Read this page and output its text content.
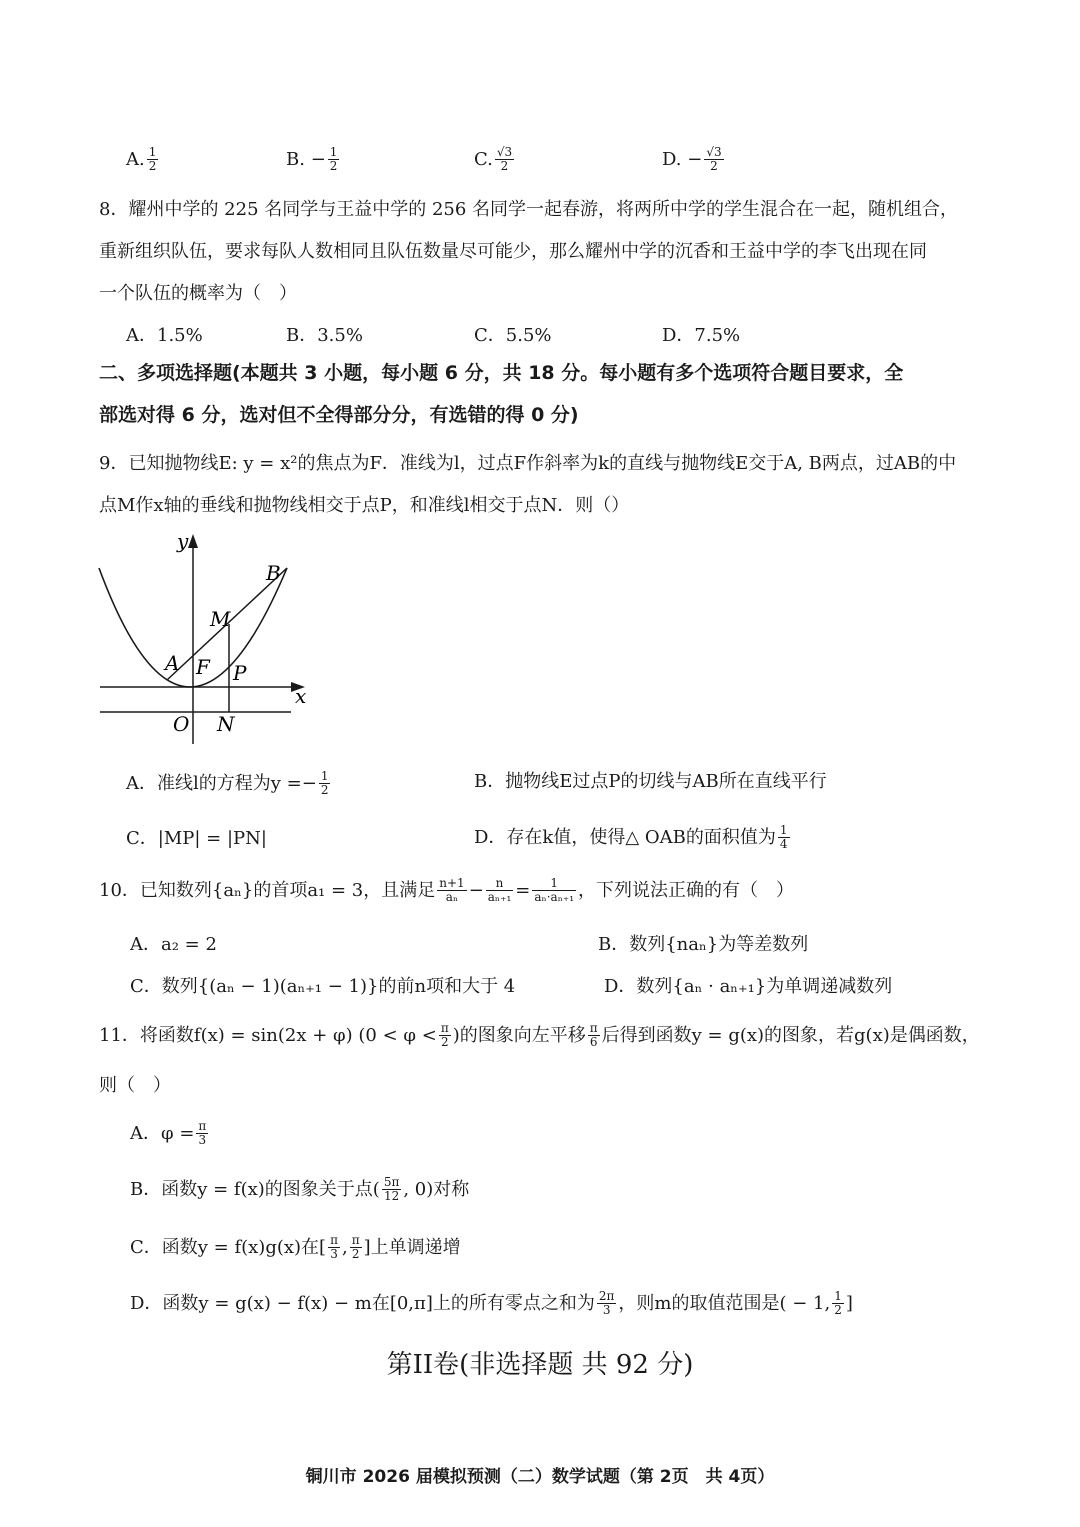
A. $\frac{1}{2}$	B.
− $\frac{1}{2}$	C. $\frac{√3}{2}$	D.
− $\frac{√3}{2}$
8．耀州中学的 225 名同学与王益中学的 256 名同学一起春游，将两所中学的学生混合在一起，随机组合，
重新组织队伍，要求每队人数相同且队伍数量尽可能少，那么耀州中学的沉香和王益中学的李飞出现在同
一个队伍的概率为（　）
A．1.5%	B．3.5%	C．5.5%	D．7.5%
二、多项选择题(本题共 3 小题，每小题 6 分，共 18 分。每小题有多个选项符合题目要求，全
部选对得 6 分，选对但不全得部分分，有选错的得 0 分)
9．已知抛物线E: y = x²的焦点为F．准线为l，过点F作斜率为k的直线与抛物线E交于A, B两点，过AB的中
点M作x轴的垂线和抛物线相交于点P，和准线l相交于点N．则（）
y
x
O
A
B
M
F P
N
A．准线l的方程为$y =- \frac{1}{2}$	B．抛物线E过点P的切线与AB所在直线平行
C．|MP| = |PN|	D．存在k值，使得△ OAB的面积值为 $\frac{1}{4}$
10．已知数列{aₙ}的首项a₁ = 3，且满足 $\frac{n+1}{\text{aₙ}} - \frac{n}{\text{aₙ₊₁}} = \frac{1}{\text{aₙ·aₙ₊₁}}$ ，下列说法正确的有（　）
A．a₂ = 2	B．数列{naₙ}为等差数列
C．数列{(aₙ − 1)(aₙ₊₁ − 1)}的前n项和大于 4	D．数列{aₙ · aₙ₊₁}为单调递减数列
11．将函数f(x) = sin(2x + φ)
($0 < \varphi < \frac{\pi}{2}$ ) 的图象向左平移 $\frac{\pi}{6}$ 后得到函数y = g(x)的图象，若g(x)是偶函数，
则（　）
A．$\varphi = \frac{\pi}{3}$
B．函数y = f(x)的图象关于点 ( $\frac{5\pi}{12}$ , 0) 对称
C．函数y = f(x)g(x)在 [ $\frac{\pi}{3}$ , $\frac{\pi}{2}$ ] 上单调递增
D．函数y = g(x) − f(x) − m在[0,π]上的所有零点之和为 $\frac{2\pi}{3}$ ，则m的取值范围是( − 1, $\frac{1}{2}$ ]
第II卷(非选择题 共 92 分)
铜川市 2026 届模拟预测（二）数学试题（第 2页　共 4页）
